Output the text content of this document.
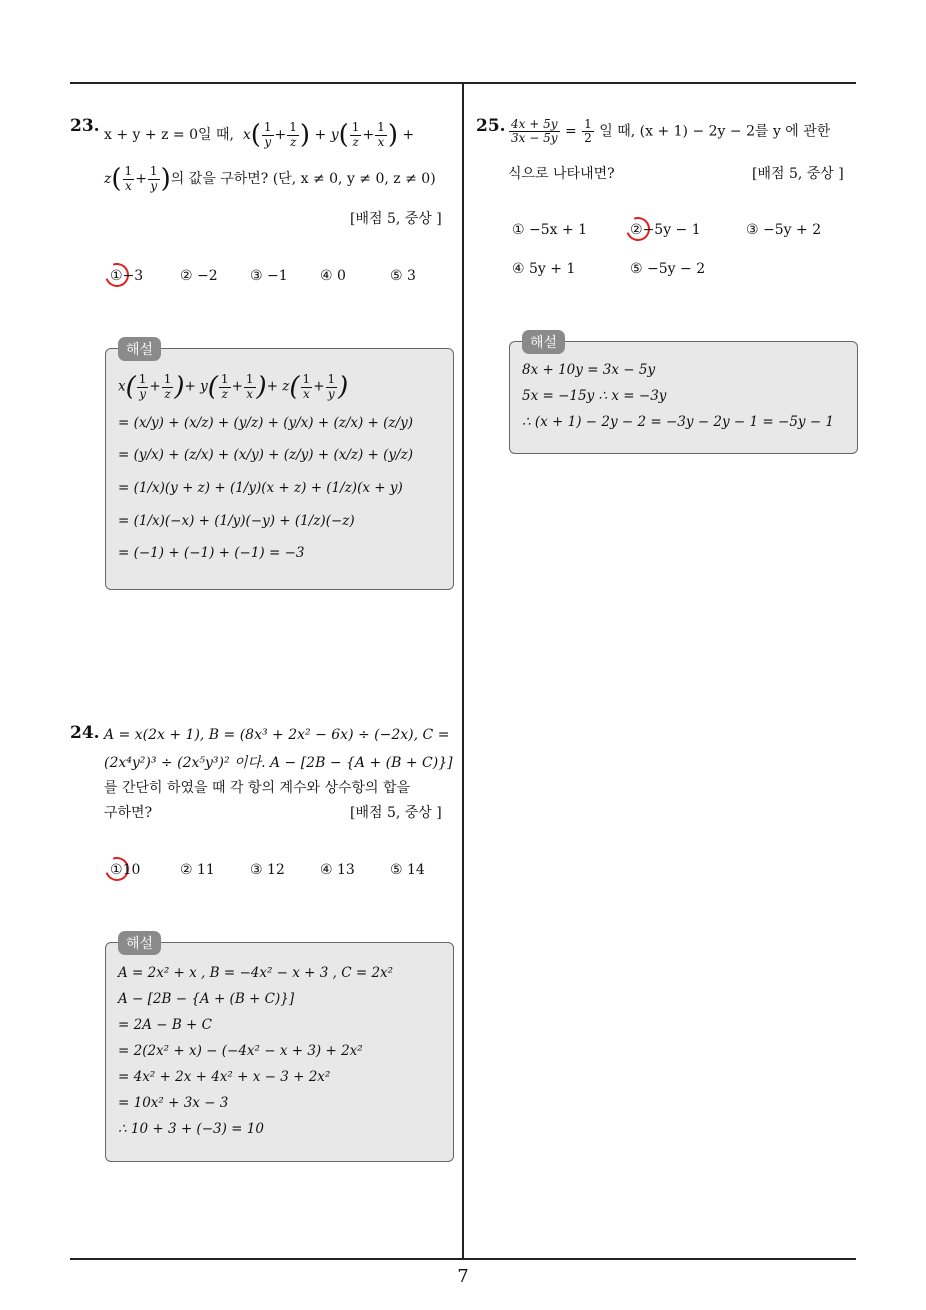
7
23. x + y + z = 0일 때,  $x( \frac{1}{y} + \frac{1}{z}$ ) + $y( \frac{1}{z} + \frac{1}{x}$ ) +
$z( \frac{1}{x} + \frac{1}{y}$ )의 값을 구하면? (단, x ≠ 0, y ≠ 0, z ≠ 0)
[배점 5, 중상 ]
①−3	② −2 ③ −1 ④ 0	⑤ 3
해설
x( 1
y + 1
z )+ y( 1
z + 1
x )+ z( 1
x + 1
y )
= (x/y) + (x/z) + (y/z) + (y/x) + (z/x) + (z/y)
= (y/x) + (z/x) + (x/y) + (z/y) + (x/z) + (y/z)
= (1/x)(y + z) + (1/y)(x + z) + (1/z)(x + y)
= (1/x)(−x) + (1/y)(−y) + (1/z)(−z)
= (−1) + (−1) + (−1) = −3
24. A = x(2x + 1), B = (8x³ + 2x² − 6x) ÷ (−2x), C =
(2x⁴y²)³ ÷ (2x⁵y³)² 이다. A − [2B − {A + (B + C)}]
를 간단히 하였을 때 각 항의 계수와 상수항의 합을
구하면?	[배점 5, 중상 ]
①10	② 11	③ 12	④ 13	⑤ 14
해설
A = 2x² + x , B = −4x² − x + 3 , C = 2x²
A − [2B − {A + (B + C)}]
= 2A − B + C
= 2(2x² + x) − (−4x² − x + 3) + 2x²
= 4x² + 2x + 4x² + x − 3 + 2x²
= 10x² + 3x − 3
∴ 10 + 3 + (−3) = 10
25. $\frac{4x + 5y}{3x - 5y} = \frac{1}{2}$ 일 때, (x + 1) − 2y − 2를 y 에 관한
식으로 나타내면?	[배점 5, 중상 ]
① −5x + 1	②−5y − 1	③ −5y + 2
④ 5y + 1	⑤ −5y − 2
해설
8x + 10y = 3x − 5y
5x = −15y ∴ x = −3y
∴ (x + 1) − 2y − 2 = −3y − 2y − 1 = −5y − 1
